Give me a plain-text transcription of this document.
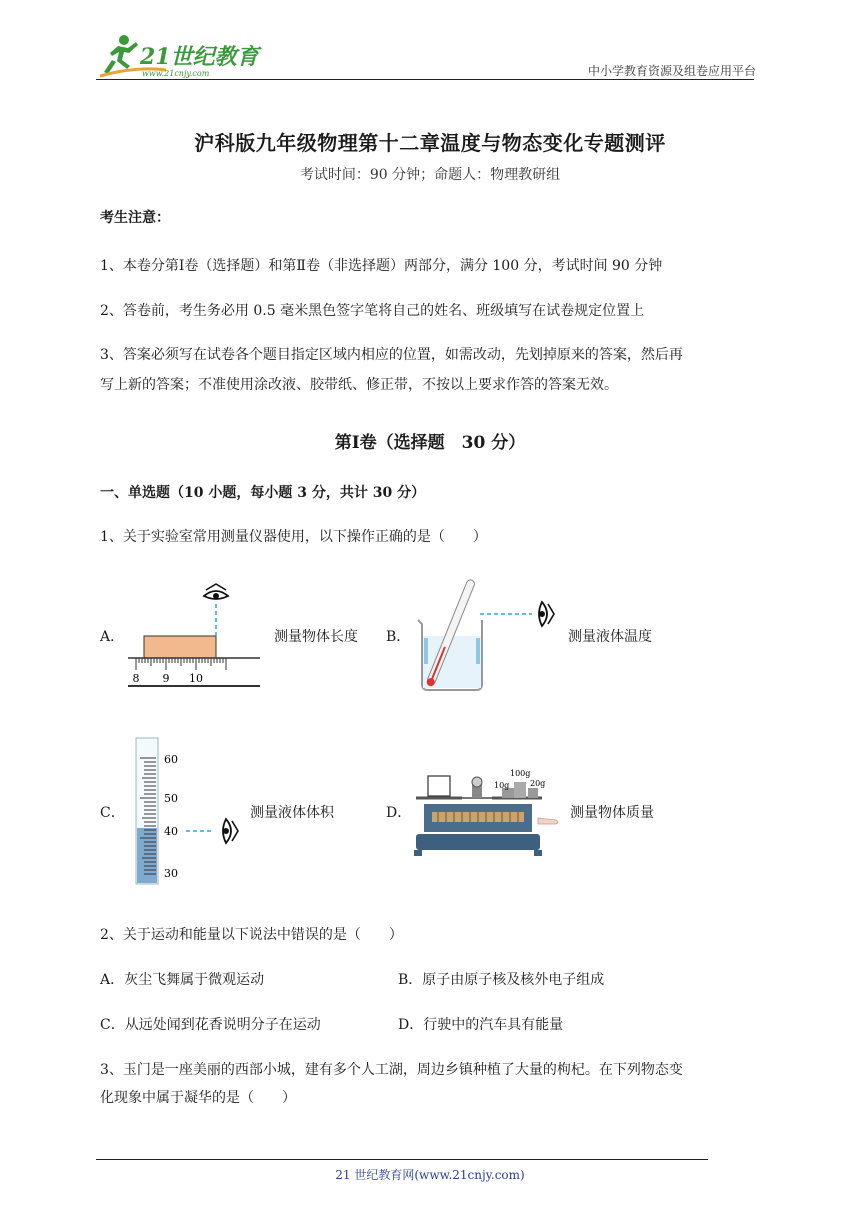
21世纪教育
www.21cnjy.com	中小学教育资源及组卷应用平台
沪科版九年级物理第十二章温度与物态变化专题测评
考试时间：90 分钟；命题人：物理教研组
考生注意：
1、本卷分第Ⅰ卷（选择题）和第Ⅱ卷（非选择题）两部分，满分 100 分，考试时间 90 分钟
2、答卷前，考生务必用 0.5 毫米黑色签字笔将自己的姓名、班级填写在试卷规定位置上
3、答案必须写在试卷各个题目指定区域内相应的位置，如需改动，先划掉原来的答案，然后再
写上新的答案；不准使用涂改液、胶带纸、修正带，不按以上要求作答的答案无效。
第Ⅰ卷（选择题　30 分）
一、单选题（10 小题，每小题 3 分，共计 30 分）
1、关于实验室常用测量仪器使用，以下操作正确的是（　　）
A．
8 9 10
测量物体长度 B．	测量液体温度
C．
60
50
40
30
测量液体体积	D．
100g
10g	20g
测量物体质量
2、关于运动和能量以下说法中错误的是（　　）
A．灰尘飞舞属于微观运动	B．原子由原子核及核外电子组成
C．从远处闻到花香说明分子在运动	D．行驶中的汽车具有能量
3、玉门是一座美丽的西部小城，建有多个人工湖，周边乡镇种植了大量的枸杞。在下列物态变
化现象中属于凝华的是（　　）
21 世纪教育网(www.21cnjy.com)
